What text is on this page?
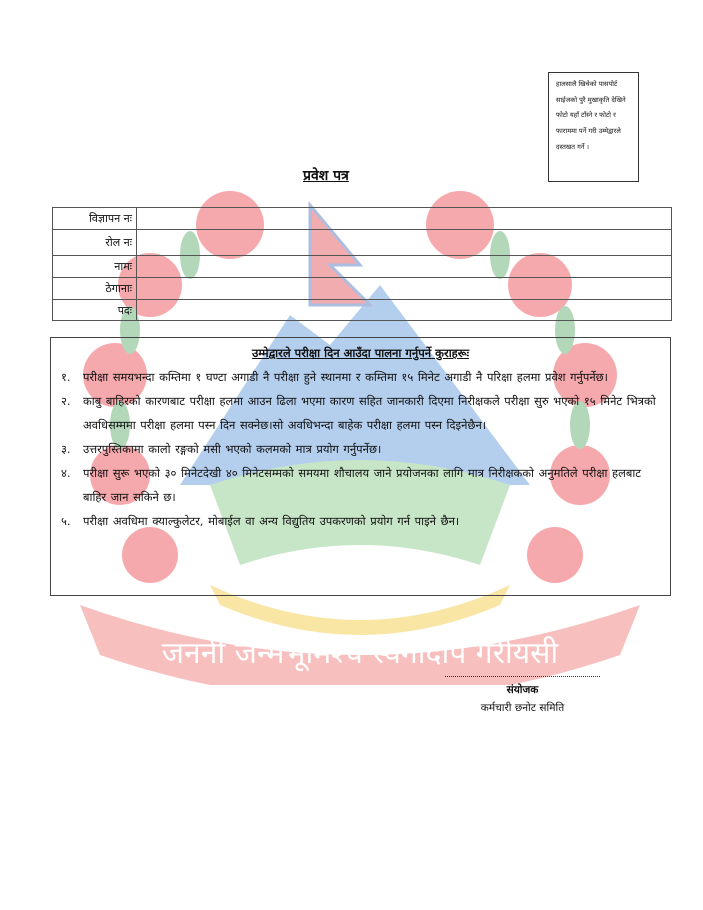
जननी जन्मभूमिश्च स्वर्गादपि गरीयसी
हालसालै खिचेको पासपोर्ट साईजको पुरै मुखाकृति देखिने फोटो यहाँ टाँस्ने र फोटो र फाराममा पर्ने गरी उम्मेद्वारले दस्तखत गर्ने ।
प्रवेश पत्र
विज्ञापन नः	
रोल नः	
नामः	
ठेगानाः	
पदः	
उम्मेद्वारले परीक्षा दिन आउँदा पालना गर्नुपर्ने कुराहरूः
१. परीक्षा समयभन्दा कम्तिमा १ घण्टा अगाडी नै परीक्षा हुने स्थानमा र कम्तिमा १५ मिनेट अगाडी नै परिक्षा हलमा प्रवेश गर्नुपर्नेछ।
२. काबु बाहिरको कारणबाट परीक्षा हलमा आउन ढिला भएमा कारण सहित जानकारी दिएमा निरीक्षकले परीक्षा सुरु भएको १५ मिनेट भित्रको अवधिसम्ममा परीक्षा हलमा पस्न दिन सक्नेछ।सो अवधिभन्दा बाहेक परीक्षा हलमा पस्न दिइनेछैन।
३. उत्तरपुस्तिकामा कालो रङ्गको मसी भएको कलमको मात्र प्रयोग गर्नुपर्नेछ।
४. परीक्षा सुरू भएको ३० मिनेटदेखी ४० मिनेटसम्मको समयमा शौचालय जाने प्रयोजनका लागि मात्र निरीक्षकको अनुमतिले परीक्षा हलबाट बाहिर जान सकिने छ।
५. परीक्षा अवधिमा क्याल्कुलेटर, मोबाईल वा अन्य विद्युतिय उपकरणको प्रयोग गर्न पाइने छैन।
संयोजक
कर्मचारी छनोट समिति
